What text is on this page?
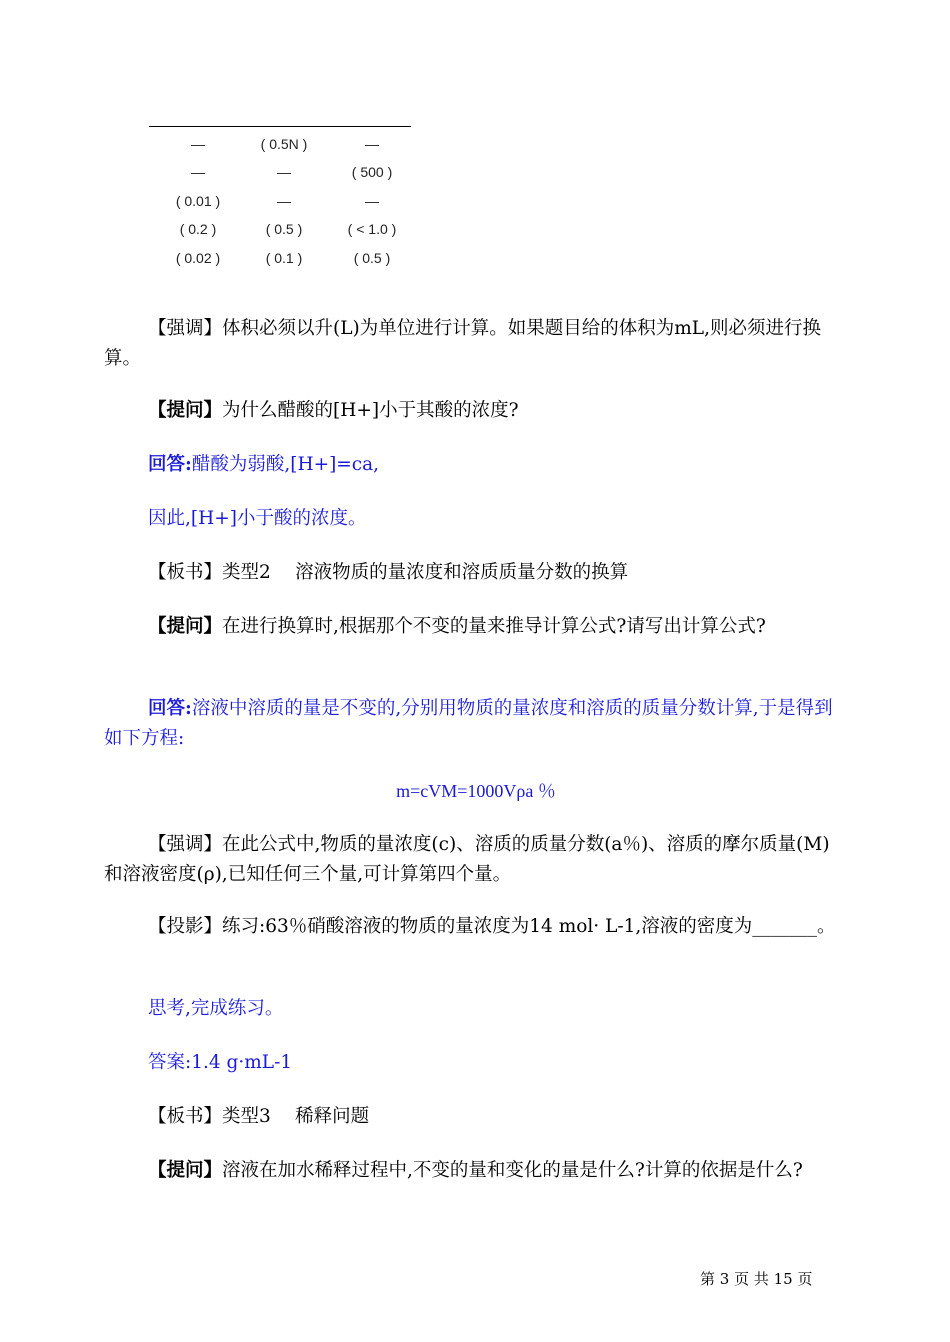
—	( 0.5N )	—
—	—	( 500 )
( 0.01 )	—	—
( 0.2 )	( 0.5 )	( < 1.0 )
( 0.02 )	( 0.1 )	( 0.5 )
【强调】体积必须以升(L)为单位进行计算。如果题目给的体积为mL,则必须进行换算。
【提问】为什么醋酸的[H+]小于其酸的浓度?
回答:醋酸为弱酸,[H+]=ca,
因此,[H+]小于酸的浓度。
【板书】类型2　 溶液物质的量浓度和溶质质量分数的换算
【提问】在进行换算时,根据那个不变的量来推导计算公式?请写出计算公式?
回答:溶液中溶质的量是不变的,分别用物质的量浓度和溶质的质量分数计算,于是得到如下方程:
m=cVM=1000Vρa ％
【强调】在此公式中,物质的量浓度(c)、溶质的质量分数(a％)、溶质的摩尔质量(M)和溶液密度(ρ),已知任何三个量,可计算第四个量。
【投影】练习:63％硝酸溶液的物质的量浓度为14 mol· L-1,溶液的密度为_______。
思考,完成练习。
答案:1.4 g·mL-1
【板书】类型3　 稀释问题
【提问】溶液在加水稀释过程中,不变的量和变化的量是什么?计算的依据是什么?
第 3 页 共 15 页
